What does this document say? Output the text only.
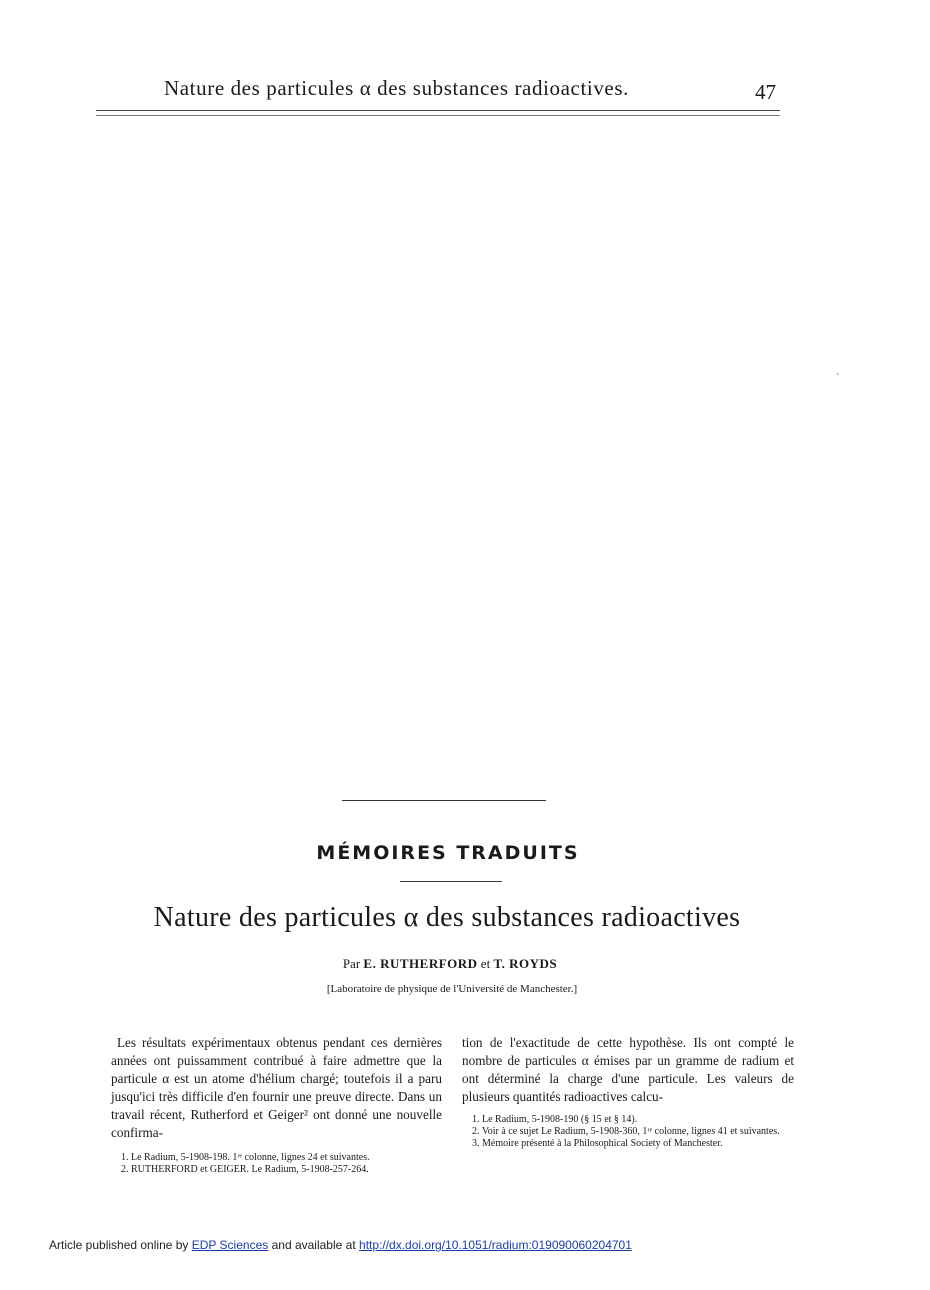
Nature des particules α des substances radioactives.	47
`
MÉMOIRES TRADUITS
Nature des particules α des substances radioactives
Par E. RUTHERFORD et T. ROYDS
[Laboratoire de physique de l'Université de Manchester.]
Les résultats expérimentaux obtenus pendant ces dernières années ont puissamment contribué à faire admettre que la particule α est un atome d'hélium chargé; toutefois il a paru jusqu'ici très difficile d'en fournir une preuve directe. Dans un travail récent, Rutherford et Geiger² ont donné une nouvelle confirma-
tion de l'exactitude de cette hypothèse. Ils ont compté le nombre de particules α émises par un gramme de radium et ont déterminé la charge d'une particule. Les valeurs de plusieurs quantités radioactives calcu-

1. Le Radium, 5-1908-198. 1ʳᵉ colonne, lignes 24 et suivantes.

2. RUTHERFORD et GEIGER. Le Radium, 5-1908-257-264.

1. Le Radium, 5-1908-190 (§ 15 et § 14).

2. Voir à ce sujet Le Radium, 5-1908-360, 1ʳᵉ colonne, lignes 41 et suivantes.

3. Mémoire présenté à la Philosophical Society of Manchester.

Article published online by EDP Sciences and available at http://dx.doi.org/10.1051/radium:019090060204701
